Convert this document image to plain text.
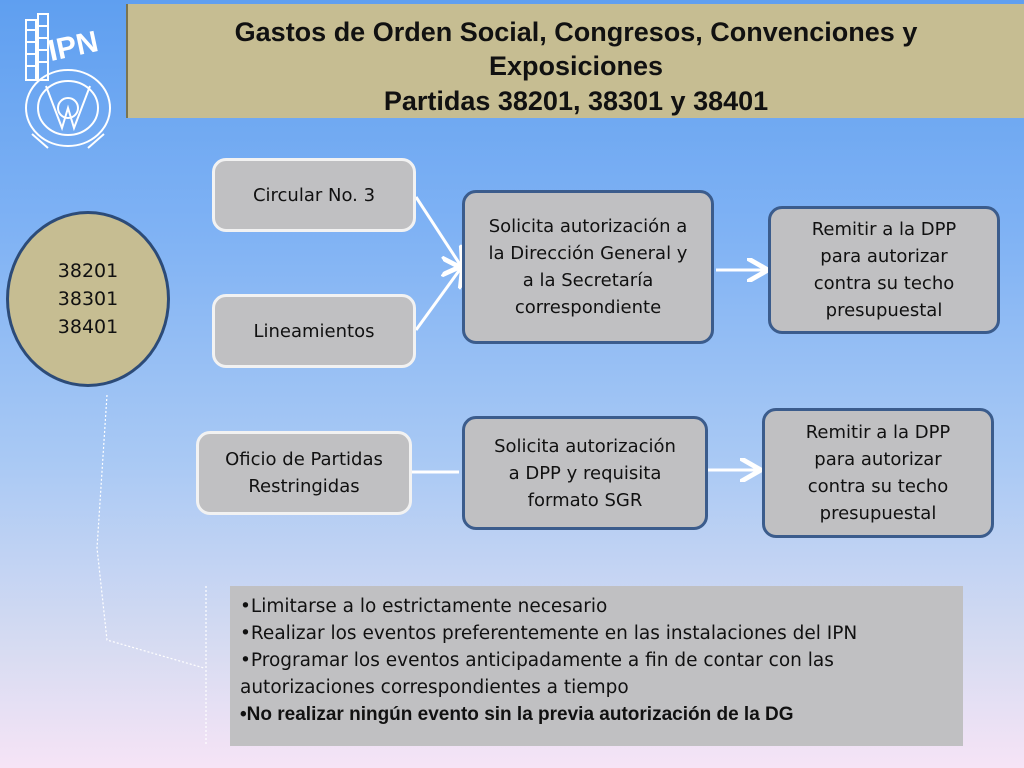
Gastos de Orden Social, Congresos, Convenciones y
Exposiciones
Partidas 38201, 38301 y 38401
IPN
38201
38301
38401
Circular No. 3
Lineamientos
Solicita autorización a
la Dirección General y
a la Secretaría
correspondiente
Remitir a la DPP
para autorizar
contra su techo
presupuestal
Oficio de Partidas
Restringidas
Solicita autorización
a DPP y requisita
formato SGR
Remitir a la DPP
para autorizar
contra su techo
presupuestal
•Limitarse a lo estrictamente necesario
•Realizar los eventos preferentemente en las instalaciones del IPN
•Programar los eventos anticipadamente a fin de contar con las
autorizaciones correspondientes a tiempo
•No realizar ningún evento sin la previa autorización de la DG
